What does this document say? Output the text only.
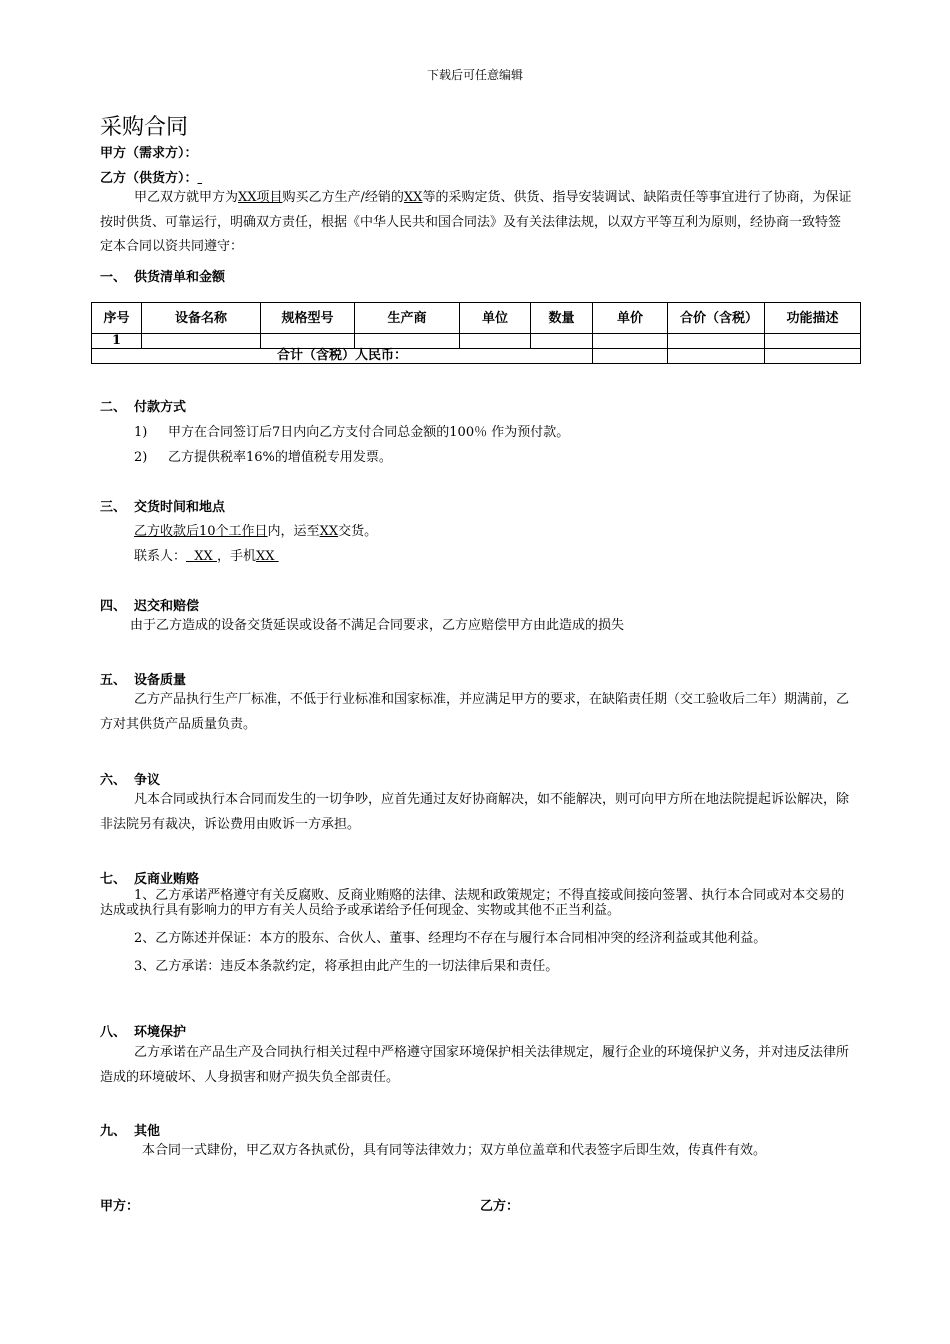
下载后可任意编辑
采购合同
甲方（需求方）：
乙方（供货方）：
甲乙双方就甲方为XX项目购买乙方生产/经销的XX等的采购定货、供货、指导安装调试、缺陷责任等事宜进行了协商，为保证按时供货、可靠运行，明确双方责任，根据《中华人民共和国合同法》及有关法律法规，以双方平等互利为原则，经协商一致特签定本合同以资共同遵守：
一、 供货清单和金额
序号	设备名称	规格型号	生产商	单位	数量	单价	合价（含税）	功能描述
1								
合计（含税）人民币：								
二、 付款方式
1) 甲方在合同签订后7日内向乙方支付合同总金额的100％ 作为预付款。
2) 乙方提供税率16%的增值税专用发票。
三、 交货时间和地点
乙方收款后10个工作日内，运至XX交货。
联系人： XX ，手机XX
四、 迟交和赔偿
由于乙方造成的设备交货延误或设备不满足合同要求，乙方应赔偿甲方由此造成的损失
五、 设备质量
乙方产品执行生产厂标准，不低于行业标准和国家标准，并应满足甲方的要求，在缺陷责任期（交工验收后二年）期满前，乙方对其供货产品质量负责。
六、 争议
凡本合同或执行本合同而发生的一切争吵，应首先通过友好协商解决，如不能解决，则可向甲方所在地法院提起诉讼解决，除非法院另有裁决，诉讼费用由败诉一方承担。
七、 反商业贿赂
1、乙方承诺严格遵守有关反腐败、反商业贿赂的法律、法规和政策规定；不得直接或间接向签署、执行本合同或对本交易的达成或执行具有影响力的甲方有关人员给予或承诺给予任何现金、实物或其他不正当利益。
2、乙方陈述并保证：本方的股东、合伙人、董事、经理均不存在与履行本合同相冲突的经济利益或其他利益。
3、乙方承诺：违反本条款约定，将承担由此产生的一切法律后果和责任。
八、 环境保护
乙方承诺在产品生产及合同执行相关过程中严格遵守国家环境保护相关法律规定，履行企业的环境保护义务，并对违反法律所造成的环境破坏、人身损害和财产损失负全部责任。
九、 其他
本合同一式肆份，甲乙双方各执贰份，具有同等法律效力；双方单位盖章和代表签字后即生效，传真件有效。
甲方：	乙方：
